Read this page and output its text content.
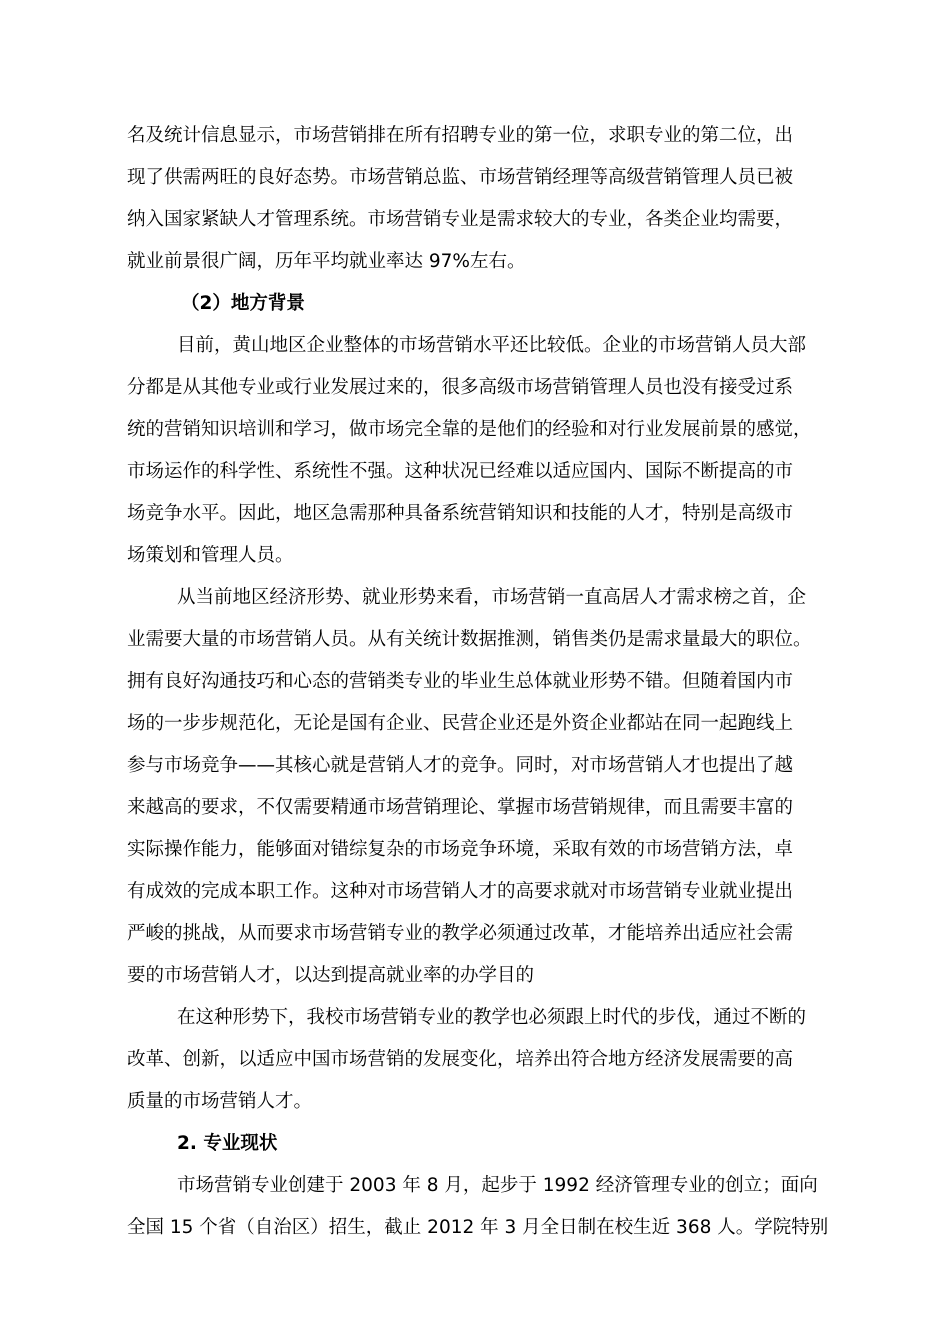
名及统计信息显示，市场营销排在所有招聘专业的第一位，求职专业的第二位，出
现了供需两旺的良好态势。市场营销总监、市场营销经理等高级营销管理人员已被
纳入国家紧缺人才管理系统。市场营销专业是需求较大的专业，各类企业均需要，
就业前景很广阔，历年平均就业率达 97%左右。
（2）地方背景
目前，黄山地区企业整体的市场营销水平还比较低。企业的市场营销人员大部
分都是从其他专业或行业发展过来的，很多高级市场营销管理人员也没有接受过系
统的营销知识培训和学习，做市场完全靠的是他们的经验和对行业发展前景的感觉，
市场运作的科学性、系统性不强。这种状况已经难以适应国内、国际不断提高的市
场竞争水平。因此，地区急需那种具备系统营销知识和技能的人才，特别是高级市
场策划和管理人员。
从当前地区经济形势、就业形势来看，市场营销一直高居人才需求榜之首，企
业需要大量的市场营销人员。从有关统计数据推测，销售类仍是需求量最大的职位。
拥有良好沟通技巧和心态的营销类专业的毕业生总体就业形势不错。但随着国内市
场的一步步规范化，无论是国有企业、民营企业还是外资企业都站在同一起跑线上
参与市场竞争——其核心就是营销人才的竞争。同时，对市场营销人才也提出了越
来越高的要求，不仅需要精通市场营销理论、掌握市场营销规律，而且需要丰富的
实际操作能力，能够面对错综复杂的市场竞争环境，采取有效的市场营销方法，卓
有成效的完成本职工作。这种对市场营销人才的高要求就对市场营销专业就业提出
严峻的挑战，从而要求市场营销专业的教学必须通过改革，才能培养出适应社会需
要的市场营销人才，以达到提高就业率的办学目的
在这种形势下，我校市场营销专业的教学也必须跟上时代的步伐，通过不断的
改革、创新，以适应中国市场营销的发展变化，培养出符合地方经济发展需要的高
质量的市场营销人才。
2. 专业现状
市场营销专业创建于 2003 年 8 月，起步于 1992 经济管理专业的创立；面向
全国 15 个省（自治区）招生，截止 2012 年 3 月全日制在校生近 368 人。学院特别
